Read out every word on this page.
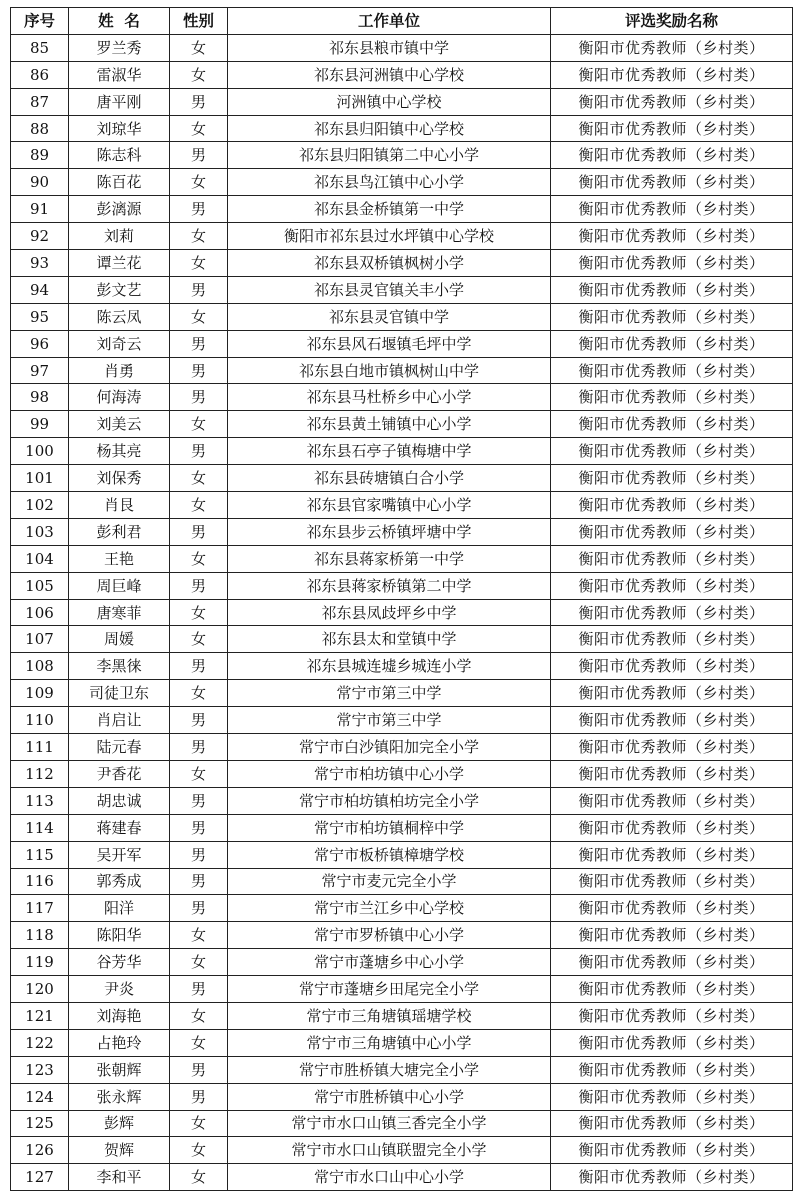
序号	姓  名	性别	工作单位	评选奖励名称
85	罗兰秀	女	祁东县粮市镇中学	衡阳市优秀教师（乡村类）
86	雷淑华	女	祁东县河洲镇中心学校	衡阳市优秀教师（乡村类）
87	唐平刚	男	河洲镇中心学校	衡阳市优秀教师（乡村类）
88	刘琼华	女	祁东县归阳镇中心学校	衡阳市优秀教师（乡村类）
89	陈志科	男	祁东县归阳镇第二中心小学	衡阳市优秀教师（乡村类）
90	陈百花	女	祁东县鸟江镇中心小学	衡阳市优秀教师（乡村类）
91	彭漓源	男	祁东县金桥镇第一中学	衡阳市优秀教师（乡村类）
92	刘莉	女	衡阳市祁东县过水坪镇中心学校	衡阳市优秀教师（乡村类）
93	谭兰花	女	祁东县双桥镇枫树小学	衡阳市优秀教师（乡村类）
94	彭文艺	男	祁东县灵官镇关丰小学	衡阳市优秀教师（乡村类）
95	陈云凤	女	祁东县灵官镇中学	衡阳市优秀教师（乡村类）
96	刘奇云	男	祁东县风石堰镇毛坪中学	衡阳市优秀教师（乡村类）
97	肖勇	男	祁东县白地市镇枫树山中学	衡阳市优秀教师（乡村类）
98	何海涛	男	祁东县马杜桥乡中心小学	衡阳市优秀教师（乡村类）
99	刘美云	女	祁东县黄土铺镇中心小学	衡阳市优秀教师（乡村类）
100	杨其亮	男	祁东县石亭子镇梅塘中学	衡阳市优秀教师（乡村类）
101	刘保秀	女	祁东县砖塘镇白合小学	衡阳市优秀教师（乡村类）
102	肖艮	女	祁东县官家嘴镇中心小学	衡阳市优秀教师（乡村类）
103	彭利君	男	祁东县步云桥镇坪塘中学	衡阳市优秀教师（乡村类）
104	王艳	女	祁东县蒋家桥第一中学	衡阳市优秀教师（乡村类）
105	周巨峰	男	祁东县蒋家桥镇第二中学	衡阳市优秀教师（乡村类）
106	唐寒菲	女	祁东县凤歧坪乡中学	衡阳市优秀教师（乡村类）
107	周媛	女	祁东县太和堂镇中学	衡阳市优秀教师（乡村类）
108	李黑徕	男	祁东县城连墟乡城连小学	衡阳市优秀教师（乡村类）
109	司徒卫东	女	常宁市第三中学	衡阳市优秀教师（乡村类）
110	肖启让	男	常宁市第三中学	衡阳市优秀教师（乡村类）
111	陆元春	男	常宁市白沙镇阳加完全小学	衡阳市优秀教师（乡村类）
112	尹香花	女	常宁市柏坊镇中心小学	衡阳市优秀教师（乡村类）
113	胡忠诚	男	常宁市柏坊镇柏坊完全小学	衡阳市优秀教师（乡村类）
114	蒋建春	男	常宁市柏坊镇桐梓中学	衡阳市优秀教师（乡村类）
115	吴开军	男	常宁市板桥镇樟塘学校	衡阳市优秀教师（乡村类）
116	郭秀成	男	常宁市麦元完全小学	衡阳市优秀教师（乡村类）
117	阳洋	男	常宁市兰江乡中心学校	衡阳市优秀教师（乡村类）
118	陈阳华	女	常宁市罗桥镇中心小学	衡阳市优秀教师（乡村类）
119	谷芳华	女	常宁市蓬塘乡中心小学	衡阳市优秀教师（乡村类）
120	尹炎	男	常宁市蓬塘乡田尾完全小学	衡阳市优秀教师（乡村类）
121	刘海艳	女	常宁市三角塘镇瑶塘学校	衡阳市优秀教师（乡村类）
122	占艳玲	女	常宁市三角塘镇中心小学	衡阳市优秀教师（乡村类）
123	张朝辉	男	常宁市胜桥镇大塘完全小学	衡阳市优秀教师（乡村类）
124	张永辉	男	常宁市胜桥镇中心小学	衡阳市优秀教师（乡村类）
125	彭辉	女	常宁市水口山镇三香完全小学	衡阳市优秀教师（乡村类）
126	贺辉	女	常宁市水口山镇联盟完全小学	衡阳市优秀教师（乡村类）
127	李和平	女	常宁市水口山中心小学	衡阳市优秀教师（乡村类）
